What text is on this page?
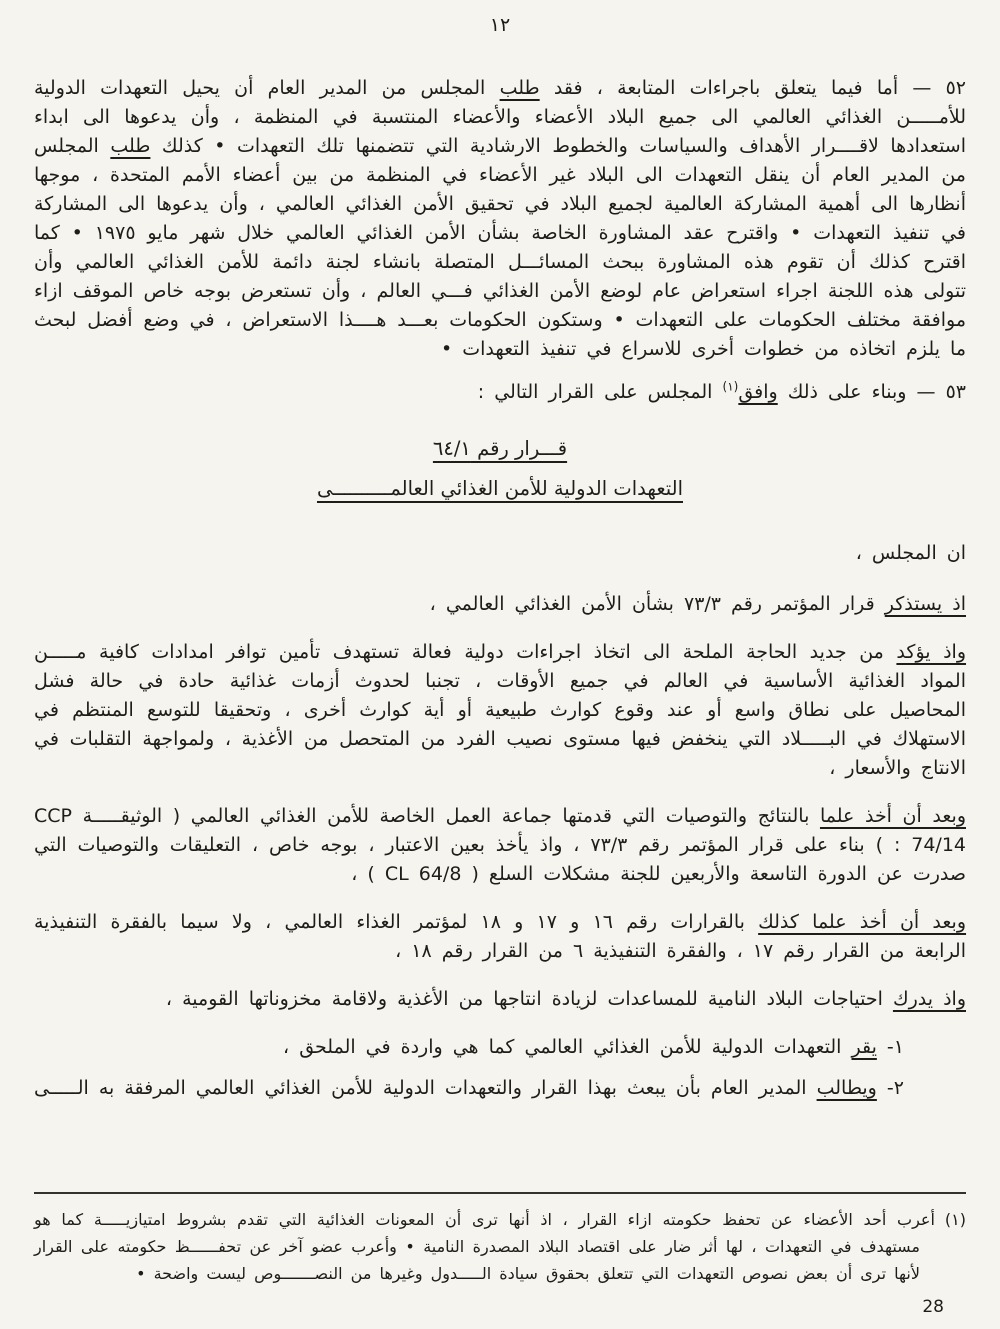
١٢

٥٢ — أما فيما يتعلق باجراءات المتابعة ، فقد طلب المجلس من المدير العام أن يحيل التعهدات الدولية للأمـــــن الغذائي العالمي الى جميع البلاد الأعضاء والأعضاء المنتسبة في المنظمة ، وأن يدعوها الى ابداء استعدادها لاقــــرار الأهداف والسياسات والخطوط الارشادية التي تتضمنها تلك التعهدات • كذلك طلب المجلس من المدير العام أن ينقل التعهدات الى البلاد غير الأعضاء في المنظمة من بين أعضاء الأمم المتحدة ، موجها أنظارها الى أهمية المشاركة العالمية لجميع البلاد في تحقيق الأمن الغذائي العالمي ، وأن يدعوها الى المشاركة في تنفيذ التعهدات • واقترح عقد المشاورة الخاصة بشأن الأمن الغذائي العالمي خلال شهر مايو ١٩٧٥ • كما اقترح كذلك أن تقوم هذه المشاورة ببحث المسائـــل المتصلة بانشاء لجنة دائمة للأمن الغذائي العالمي وأن تتولى هذه اللجنة اجراء استعراض عام لوضع الأمن الغذائي فـــي العالم ، وأن تستعرض بوجه خاص الموقف ازاء موافقة مختلف الحكومات على التعهدات • وستكون الحكومات بعـــد هــــذا الاستعراض ، في وضع أفضل لبحث ما يلزم اتخاذه من خطوات أخرى للاسراع في تنفيذ التعهدات •

٥٣ — وبناء على ذلك وافق$^{(١)}$ المجلس على القرار التالي :

قـــرار رقم ٦٤/١
التعهدات الدولية للأمن الغذائي العالمــــــــــى

ان المجلس ،

اذ يستذكر قرار المؤتمر رقم ٧٣/٣ بشأن الأمن الغذائي العالمي ،

واذ يؤكد من جديد الحاجة الملحة الى اتخاذ اجراءات دولية فعالة تستهدف تأمين توافر امدادات كافية مـــــن المواد الغذائية الأساسية في العالم في جميع الأوقات ، تجنبا لحدوث أزمات غذائية حادة في حالة فشل المحاصيل على نطاق واسع أو عند وقوع كوارث طبيعية أو أية كوارث أخرى ، وتحقيقا للتوسع المنتظم في الاستهلاك في البـــــلاد التي ينخفض فيها مستوى نصيب الفرد من المتحصل من الأغذية ، ولمواجهة التقلبات في الانتاج والأسعار ،

وبعد أن أخذ علما بالنتائج والتوصيات التي قدمتها جماعة العمل الخاصة للأمن الغذائي العالمي ( الوثيقـــــة CCP : 74/14 ) بناء على قرار المؤتمر رقم ٧٣/٣ ، واذ يأخذ بعين الاعتبار ، بوجه خاص ، التعليقات والتوصيات التي صدرت عن الدورة التاسعة والأربعين للجنة مشكلات السلع ( CL 64/8 ) ،

وبعد أن أخذ علما كذلك بالقرارات رقم ١٦ و ١٧ و ١٨ لمؤتمر الغذاء العالمي ، ولا سيما بالفقرة التنفيذية الرابعة من القرار رقم ١٧ ، والفقرة التنفيذية ٦ من القرار رقم ١٨ ،

واذ يدرك احتياجات البلاد النامية للمساعدات لزيادة انتاجها من الأغذية ولاقامة مخزوناتها القومية ،

١- يقر التعهدات الدولية للأمن الغذائي العالمي كما هي واردة في الملحق ،

٢- ويطالب المدير العام بأن يبعث بهذا القرار والتعهدات الدولية للأمن الغذائي العالمي المرفقة به الـــــى

(١)أعرب أحد الأعضاء عن تحفظ حكومته ازاء القرار ، اذ أنها ترى أن المعونات الغذائية التي تقدم بشروط امتيازيـــــة كما هو مستهدف في التعهدات ، لها أثر ضار على اقتصاد البلاد المصدرة النامية • وأعرب عضو آخر عن تحفــــــظ حكومته على القرار لأنها ترى أن بعض نصوص التعهدات التي تتعلق بحقوق سيادة الـــــدول وغيرها من النصـــــــوص ليست واضحة •

28
